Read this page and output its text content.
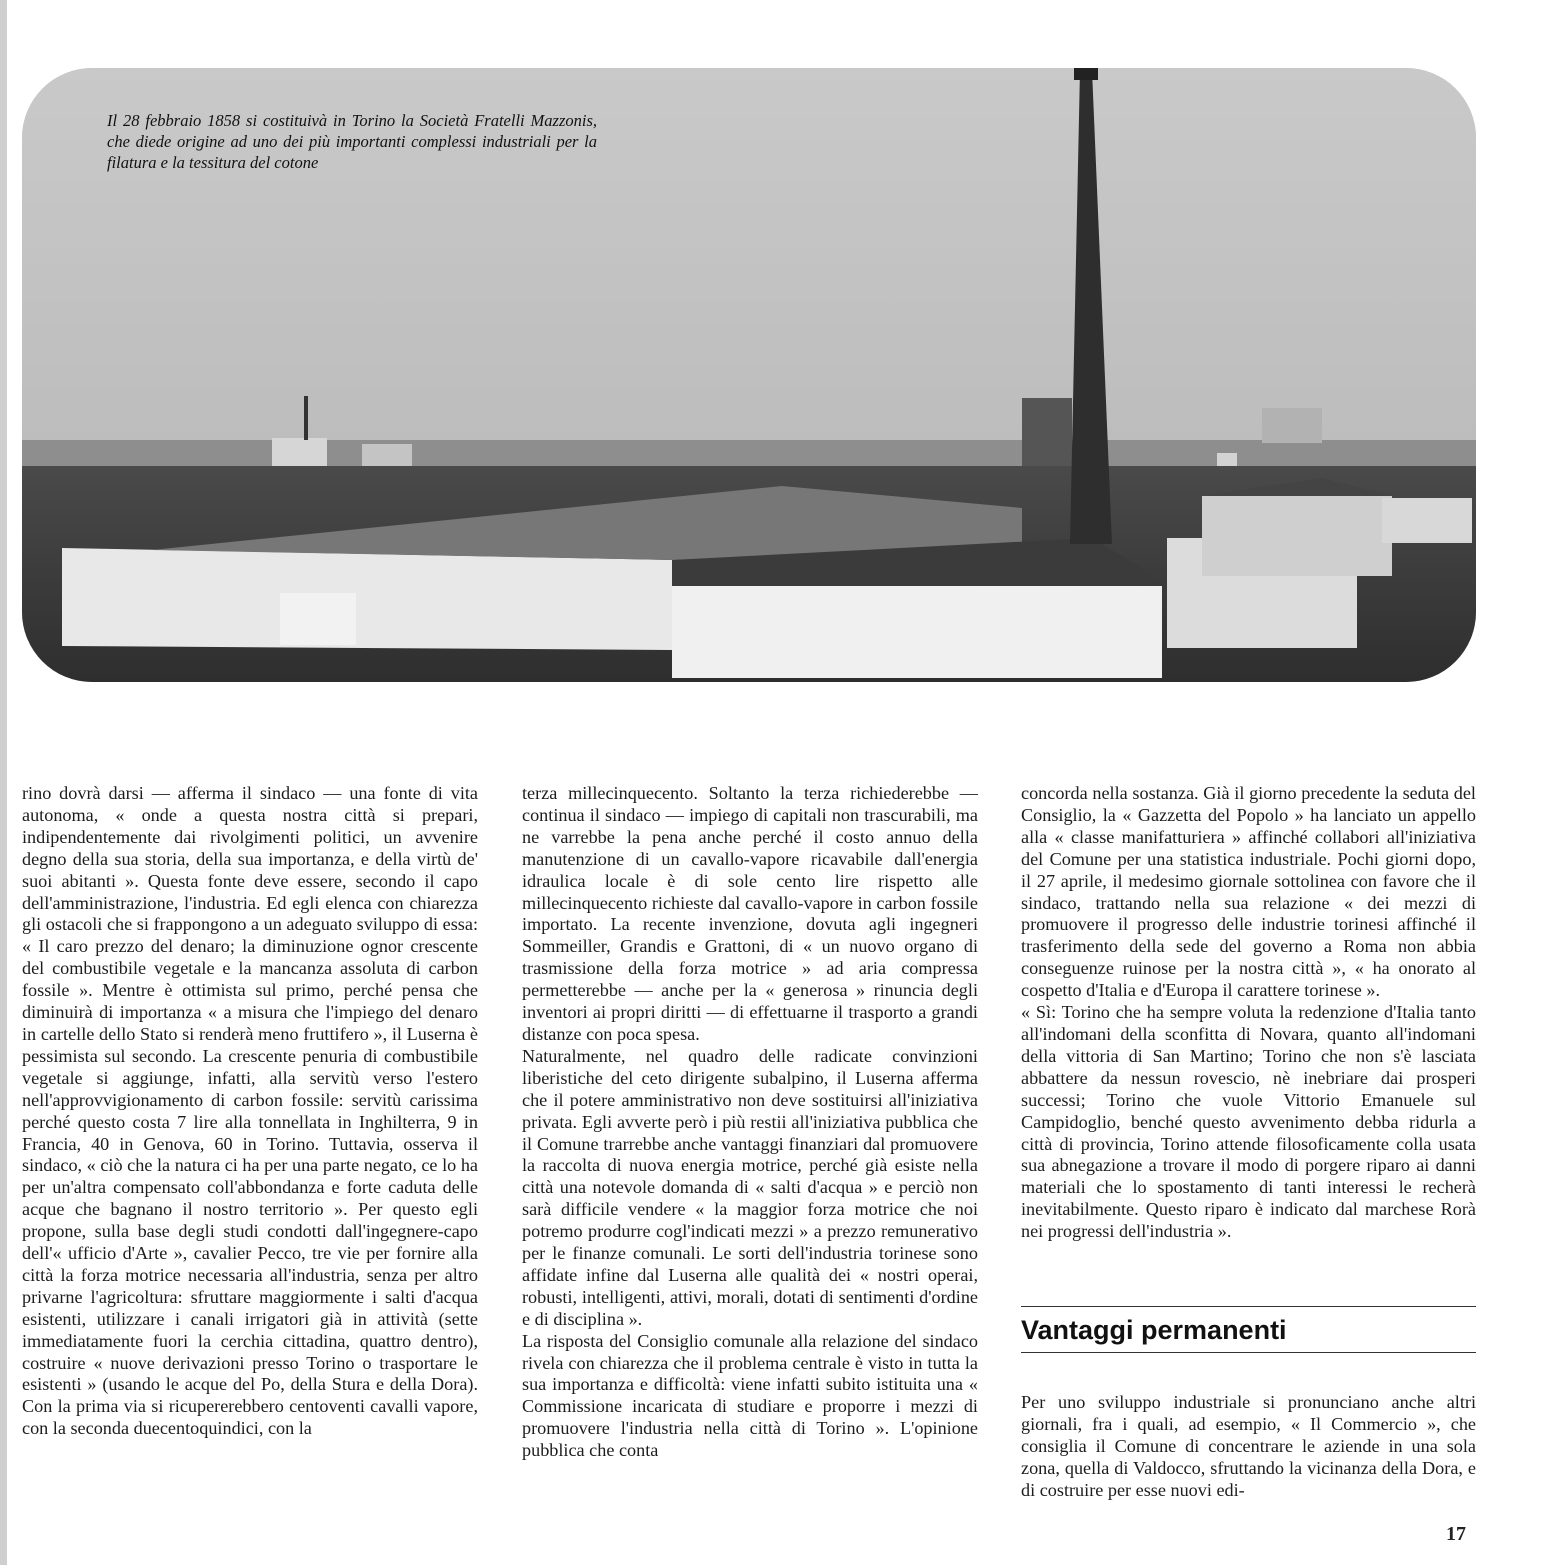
Il 28 febbraio 1858 si costituivà in Torino la Società Fratelli Mazzonis, che diede origine ad uno dei più importanti complessi industriali per la filatura e la tessitura del cotone

rino dovrà darsi — afferma il sindaco — una fonte di vita autonoma, « onde a questa nostra città si prepari, indipendentemente dai rivolgimenti politici, un avvenire degno della sua storia, della sua importanza, e della virtù de' suoi abitanti ». Questa fonte deve essere, secondo il capo dell'amministrazione, l'industria. Ed egli elenca con chiarezza gli ostacoli che si frappongono a un adeguato sviluppo di essa: « Il caro prezzo del denaro; la diminuzione ognor crescente del combustibile vegetale e la mancanza assoluta di carbon fossile ». Mentre è ottimista sul primo, perché pensa che diminuirà di importanza « a misura che l'impiego del denaro in cartelle dello Stato si renderà meno fruttifero », il Luserna è pessimista sul secondo. La crescente penuria di combustibile vegetale si aggiunge, infatti, alla servitù verso l'estero nell'approvvigionamento di carbon fossile: servitù carissima perché questo costa 7 lire alla tonnellata in Inghilterra, 9 in Francia, 40 in Genova, 60 in Torino. Tuttavia, osserva il sindaco, « ciò che la natura ci ha per una parte negato, ce lo ha per un'altra compensato coll'abbondanza e forte caduta delle acque che bagnano il nostro territorio ». Per questo egli propone, sulla base degli studi condotti dall'ingegnere-capo dell'« ufficio d'Arte », cavalier Pecco, tre vie per fornire alla città la forza motrice necessaria all'industria, senza per altro privarne l'agricoltura: sfruttare maggiormente i salti d'acqua esistenti, utilizzare i canali irrigatori già in attività (sette immediatamente fuori la cerchia cittadina, quattro dentro), costruire « nuove derivazioni presso Torino o trasportare le esistenti » (usando le acque del Po, della Stura e della Dora). Con la prima via si ricupererebbero centoventi cavalli vapore, con la seconda duecentoquindici, con la

terza millecinquecento. Soltanto la terza richiederebbe — continua il sindaco — impiego di capitali non trascurabili, ma ne varrebbe la pena anche perché il costo annuo della manutenzione di un cavallo-vapore ricavabile dall'energia idraulica locale è di sole cento lire rispetto alle millecinquecento richieste dal cavallo-vapore in carbon fossile importato. La recente invenzione, dovuta agli ingegneri Sommeiller, Grandis e Grattoni, di « un nuovo organo di trasmissione della forza motrice » ad aria compressa permetterebbe — anche per la « generosa » rinuncia degli inventori ai propri diritti — di effettuarne il trasporto a grandi distanze con poca spesa.

Naturalmente, nel quadro delle radicate convinzioni liberistiche del ceto dirigente subalpino, il Luserna afferma che il potere amministrativo non deve sostituirsi all'iniziativa privata. Egli avverte però i più restii all'iniziativa pubblica che il Comune trarrebbe anche vantaggi finanziari dal promuovere la raccolta di nuova energia motrice, perché già esiste nella città una notevole domanda di « salti d'acqua » e perciò non sarà difficile vendere « la maggior forza motrice che noi potremo produrre cogl'indicati mezzi » a prezzo remunerativo per le finanze comunali. Le sorti dell'industria torinese sono affidate infine dal Luserna alle qualità dei « nostri operai, robusti, intelligenti, attivi, morali, dotati di sentimenti d'ordine e di disciplina ».

La risposta del Consiglio comunale alla relazione del sindaco rivela con chiarezza che il problema centrale è visto in tutta la sua importanza e difficoltà: viene infatti subito istituita una « Commissione incaricata di studiare e proporre i mezzi di promuovere l'industria nella città di Torino ». L'opinione pubblica che conta

concorda nella sostanza. Già il giorno precedente la seduta del Consiglio, la « Gazzetta del Popolo » ha lanciato un appello alla « classe manifatturiera » affinché collabori all'iniziativa del Comune per una statistica industriale. Pochi giorni dopo, il 27 aprile, il medesimo giornale sottolinea con favore che il sindaco, trattando nella sua relazione « dei mezzi di promuovere il progresso delle industrie torinesi affinché il trasferimento della sede del governo a Roma non abbia conseguenze ruinose per la nostra città », « ha onorato al cospetto d'Italia e d'Europa il carattere torinese ».

« Sì: Torino che ha sempre voluta la redenzione d'Italia tanto all'indomani della sconfitta di Novara, quanto all'indomani della vittoria di San Martino; Torino che non s'è lasciata abbattere da nessun rovescio, nè inebriare dai prosperi successi; Torino che vuole Vittorio Emanuele sul Campidoglio, benché questo avvenimento debba ridurla a città di provincia, Torino attende filosoficamente colla usata sua abnegazione a trovare il modo di porgere riparo ai danni materiali che lo spostamento di tanti interessi le recherà inevitabilmente. Questo riparo è indicato dal marchese Rorà nei progressi dell'industria ».

Vantaggi permanenti

Per uno sviluppo industriale si pronunciano anche altri giornali, fra i quali, ad esempio, « Il Commercio », che consiglia il Comune di concentrare le aziende in una sola zona, quella di Valdocco, sfruttando la vicinanza della Dora, e di costruire per esse nuovi edi-

17
